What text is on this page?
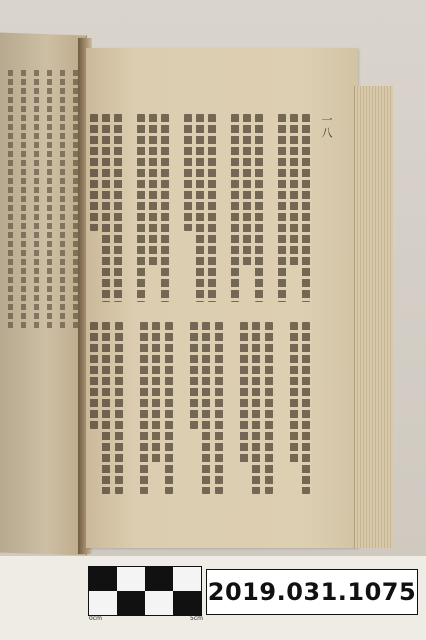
一八
0cm	5cm
2019.031.1075
